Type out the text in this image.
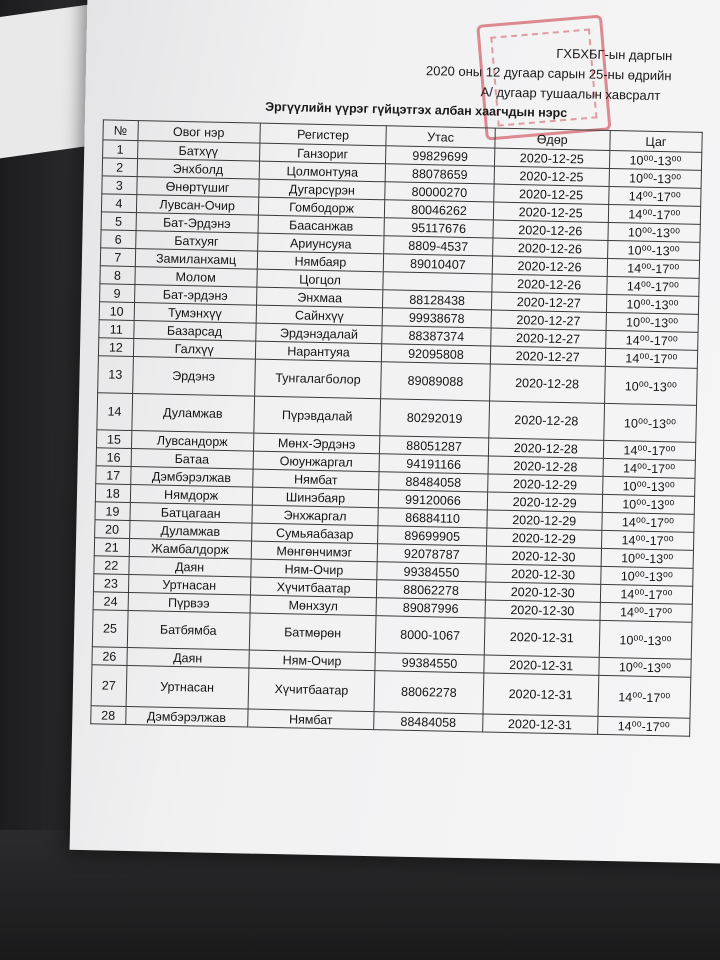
ГХБХБГ-ын даргын
2020 оны 12 дугаар сарын 25-ны өдрийн
А/ дугаар тушаалын хавсралт
Эргүүлийн үүрэг гүйцэтгэх албан хаагчдын нэрс
№	Овог нэр	Регистер	Утас	Өдөр	Цаг
1	Батхүү	Ганзориг	99829699	2020-12-25	10⁰⁰-13⁰⁰
2	Энхболд	Цолмонтуяа	88078659	2020-12-25	10⁰⁰-13⁰⁰
3	Өнөртүшиг	Дугарсүрэн	80000270	2020-12-25	14⁰⁰-17⁰⁰
4	Лувсан-Очир	Гомбодорж	80046262	2020-12-25	14⁰⁰-17⁰⁰
5	Бат-Эрдэнэ	Баасанжав	95117676	2020-12-26	10⁰⁰-13⁰⁰
6	Батхуяг	Ариунсуяа	8809-4537	2020-12-26	10⁰⁰-13⁰⁰
7	Замиланхамц	Нямбаяр	89010407	2020-12-26	14⁰⁰-17⁰⁰
8	Молом	Цогцол		2020-12-26	14⁰⁰-17⁰⁰
9	Бат-эрдэнэ	Энхмаа	88128438	2020-12-27	10⁰⁰-13⁰⁰
10	Тумэнхүү	Сайнхүү	99938678	2020-12-27	10⁰⁰-13⁰⁰
11	Базарсад	Эрдэнэдалай	88387374	2020-12-27	14⁰⁰-17⁰⁰
12	Галхүү	Нарантуяа	92095808	2020-12-27	14⁰⁰-17⁰⁰
13	Эрдэнэ	Тунгалагболор	89089088	2020-12-28	10⁰⁰-13⁰⁰
14	Дуламжав	Пүрэвдалай	80292019	2020-12-28	10⁰⁰-13⁰⁰
15	Лувсандорж	Мөнх-Эрдэнэ	88051287	2020-12-28	14⁰⁰-17⁰⁰
16	Батаа	Оюунжаргал	94191166	2020-12-28	14⁰⁰-17⁰⁰
17	Дэмбэрэлжав	Нямбат	88484058	2020-12-29	10⁰⁰-13⁰⁰
18	Нямдорж	Шинэбаяр	99120066	2020-12-29	10⁰⁰-13⁰⁰
19	Батцагаан	Энхжаргал	86884110	2020-12-29	14⁰⁰-17⁰⁰
20	Дуламжав	Сумьяабазар	89699905	2020-12-29	14⁰⁰-17⁰⁰
21	Жамбалдорж	Мөнгөнчимэг	92078787	2020-12-30	10⁰⁰-13⁰⁰
22	Даян	Ням-Очир	99384550	2020-12-30	10⁰⁰-13⁰⁰
23	Уртнасан	Хүчитбаатар	88062278	2020-12-30	14⁰⁰-17⁰⁰
24	Пүрвээ	Мөнхзул	89087996	2020-12-30	14⁰⁰-17⁰⁰
25	Батбямба	Батмөрөн	8000-1067	2020-12-31	10⁰⁰-13⁰⁰
26	Даян	Ням-Очир	99384550	2020-12-31	10⁰⁰-13⁰⁰
27	Уртнасан	Хүчитбаатар	88062278	2020-12-31	14⁰⁰-17⁰⁰
28	Дэмбэрэлжав	Нямбат	88484058	2020-12-31	14⁰⁰-17⁰⁰
